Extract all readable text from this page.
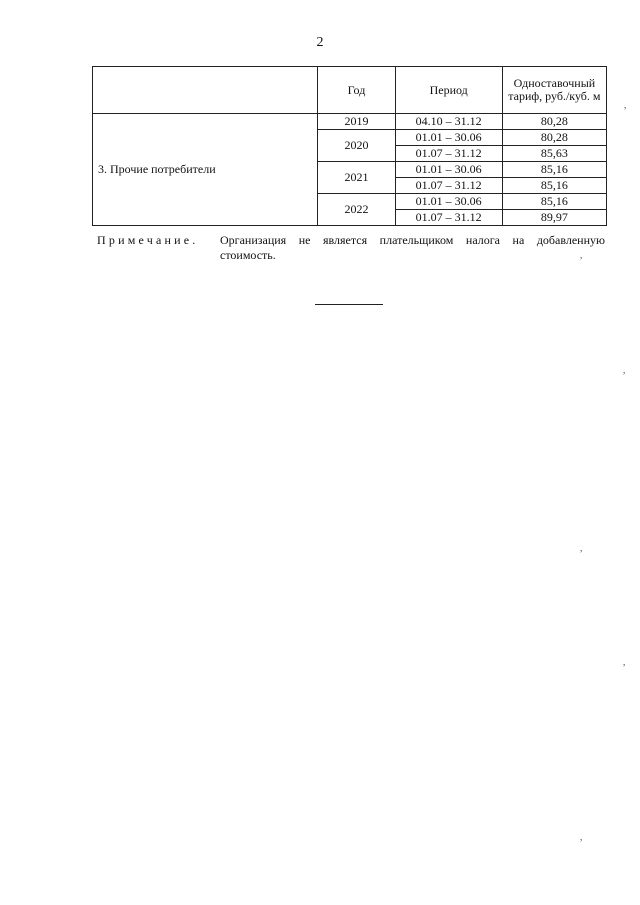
2
	Год	Период	Одноставочный тариф, руб./куб. м
3. Прочие потребители	2019	04.10 – 31.12	80,28
	2020	01.01 – 30.06	80,28
		01.07 – 31.12	85,63
	2021	01.01 – 30.06	85,16
		01.07 – 31.12	85,16
	2022	01.01 – 30.06	85,16
		01.07 – 31.12	89,97
Примечание. Организация не является плательщиком налога на добавленную стоимость.
,
,
,
,
,
,
